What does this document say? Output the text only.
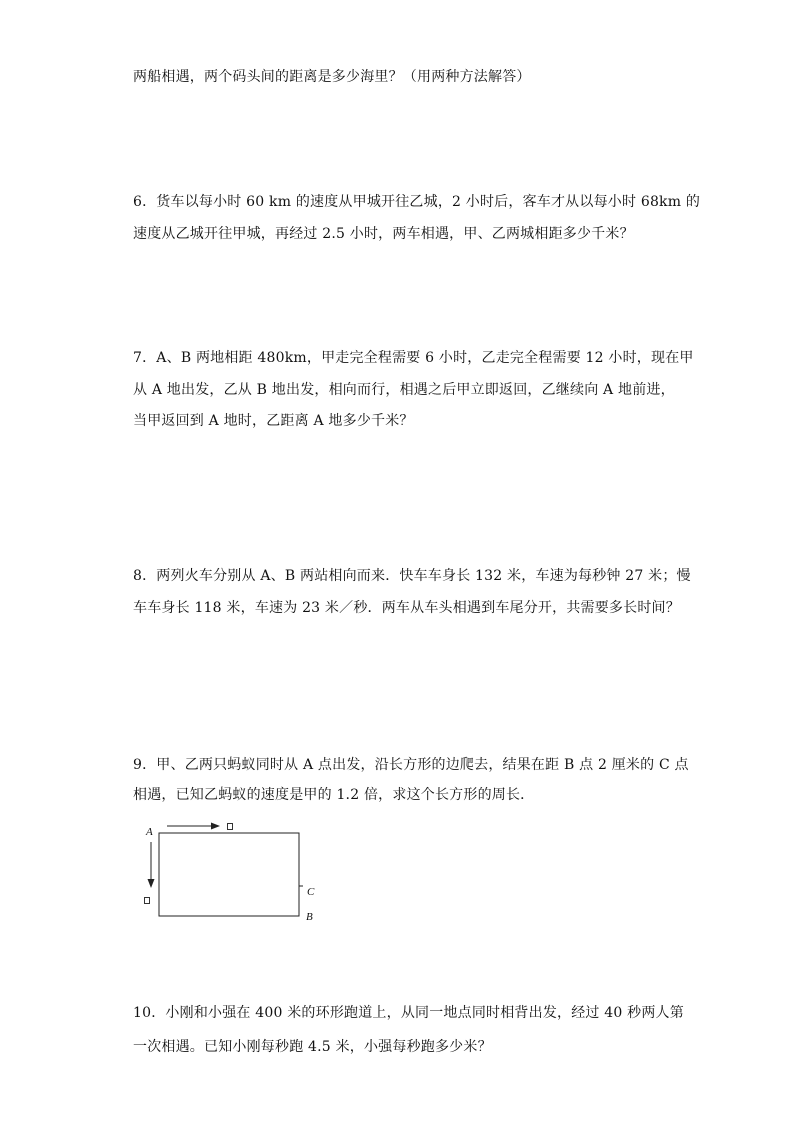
两船相遇，两个码头间的距离是多少海里？（用两种方法解答）
6．货车以每小时 60 km 的速度从甲城开往乙城，2 小时后，客车才从以每小时 68km 的
速度从乙城开往甲城，再经过 2.5 小时，两车相遇，甲、乙两城相距多少千米？
7．A、B 两地相距 480km，甲走完全程需要 6 小时，乙走完全程需要 12 小时，现在甲
从 A 地出发，乙从 B 地出发，相向而行，相遇之后甲立即返回，乙继续向 A 地前进，
当甲返回到 A 地时，乙距离 A 地多少千米？
8．两列火车分别从 A、B 两站相向而来．快车车身长 132 米，车速为每秒钟 27 米；慢
车车身长 118 米，车速为 23 米／秒．两车从车头相遇到车尾分开，共需要多长时间？
9．甲、乙两只蚂蚁同时从 A 点出发，沿长方形的边爬去，结果在距 B 点 2 厘米的 C 点
相遇，已知乙蚂蚁的速度是甲的 1.2 倍，求这个长方形的周长．
A
C
B
10．小刚和小强在 400 米的环形跑道上，从同一地点同时相背出发，经过 40 秒两人第
一次相遇。已知小刚每秒跑 4.5 米，小强每秒跑多少米？
